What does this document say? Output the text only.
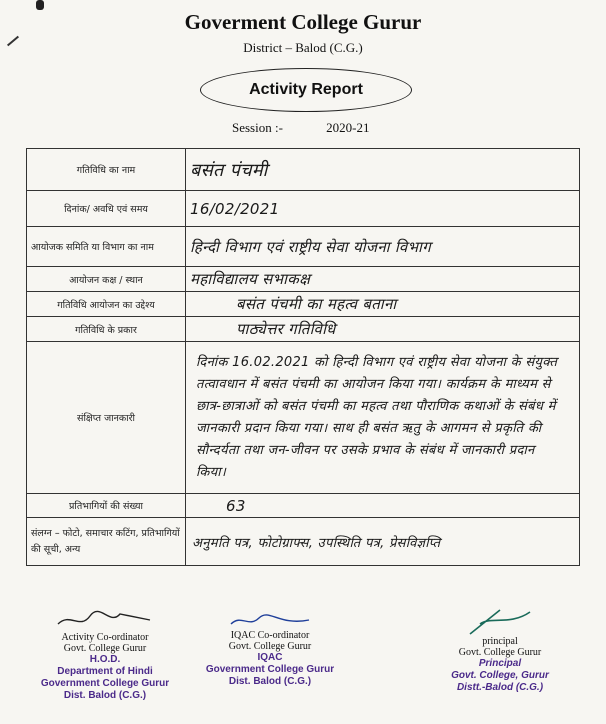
Goverment College Gurur
District – Balod (C.G.)
Activity Report
Session :-	2020-21
गतिविधि का नाम	बसंत पंचमी
दिनांक/ अवधि एवं समय	16/02/2021
आयोजक समिति या विभाग का नाम	हिन्दी विभाग एवं राष्ट्रीय सेवा योजना विभाग
आयोजन कक्ष / स्थान	महाविद्यालय सभाकक्ष
गतिविधि आयोजन का उद्देश्य	बसंत पंचमी का महत्व बताना
गतिविधि के प्रकार	पाठ्येत्तर गतिविधि
संक्षिप्त जानकारी	दिनांक 16.02.2021 को हिन्दी विभाग एवं राष्ट्रीय सेवा योजना के संयुक्त तत्वावधान में बसंत पंचमी का आयोजन किया गया। कार्यक्रम के माध्यम से छात्र-छात्राओं को बसंत पंचमी का महत्व तथा पौराणिक कथाओं के संबंध में जानकारी प्रदान किया गया। साथ ही बसंत ऋतु के आगमन से प्रकृति की सौन्दर्यता तथा जन-जीवन पर उसके प्रभाव के संबंध में जानकारी प्रदान किया।
प्रतिभागियों की संख्या	63
संलग्न – फोटो, समाचार कटिंग, प्रतिभागियों की सूची, अन्य	अनुमति पत्र, फोटोग्राफ्स, उपस्थिति पत्र, प्रेसविज्ञप्ति
Activity Co-ordinator
Govt. College Gurur
H.O.D.
Department of Hindi
Government College Gurur
Dist. Balod (C.G.)
IQAC Co-ordinator
Govt. College Gurur
IQAC
Government College Gurur
Dist. Balod (C.G.)
principal
Govt. College Gurur
Principal
Govt. College, Gurur
Distt.-Balod (C.G.)
